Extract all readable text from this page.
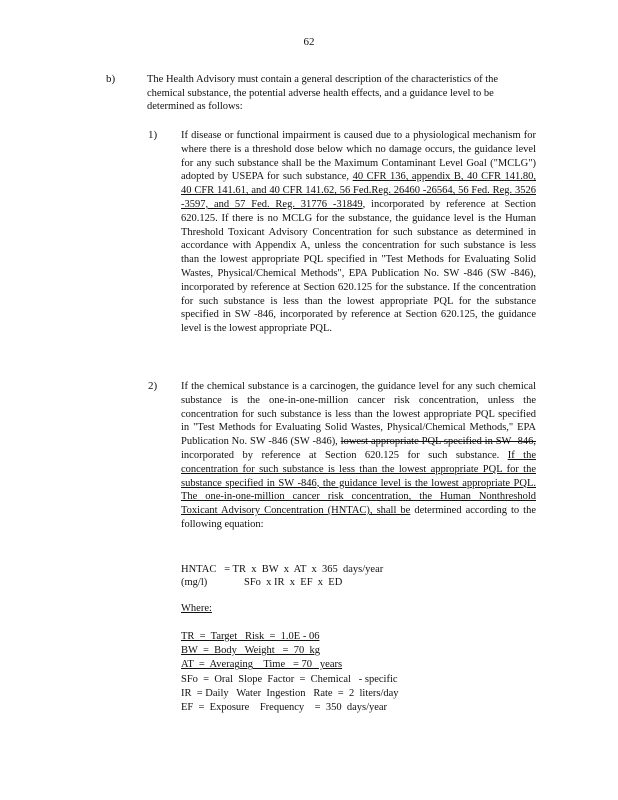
62
b)	The Health Advisory must contain a general description of the characteristics of the chemical substance, the potential adverse health effects, and a guidance level to be determined as follows:
1) If disease or functional impairment is caused due to a physiological mechanism for where there is a threshold dose below which no damage occurs, the guidance level for any such substance shall be the Maximum Contaminant Level Goal ("MCLG") adopted by USEPA for such substance, 40 CFR 136, appendix B, 40 CFR 141.80, 40 CFR 141.61, and 40 CFR 141.62, 56 Fed.Reg. 26460 -26564, 56 Fed. Reg. 3526 -3597, and 57 Fed. Reg. 31776 -31849, incorporated by reference at Section 620.125. If there is no MCLG for the substance, the guidance level is the Human Threshold Toxicant Advisory Concentration for such substance as determined in accordance with Appendix A, unless the concentration for such substance is less than the lowest appropriate PQL specified in "Test Methods for Evaluating Solid Wastes, Physical/Chemical Methods", EPA Publication No. SW -846 (SW -846), incorporated by reference at Section 620.125 for the substance. If the concentration for such substance is less than the lowest appropriate PQL for the substance specified in SW -846, incorporated by reference at Section 620.125, the guidance level is the lowest appropriate PQL.
2) If the chemical substance is a carcinogen, the guidance level for any such chemical substance is the one-in-one-million cancer risk concentration, unless the concentration for such substance is less than the lowest appropriate PQL specified in "Test Methods for Evaluating Solid Wastes, Physical/Chemical Methods," EPA Publication No. SW -846 (SW -846), lowest appropriate PQL specified in SW -846, incorporated by reference at Section 620.125 for such substance. If the concentration for such substance is less than the lowest appropriate PQL for the substance specified in SW -846, the guidance level is the lowest appropriate PQL. The one-in-one-million cancer risk concentration, the Human Nonthreshold Toxicant Advisory Concentration (HNTAC), shall be determined according to the following equation:
HNTAC   = TR  x  BW  x  AT  x  365  days/year
(mg/l)              SFo  x IR  x  EF  x  ED
Where:
TR  =  Target   Risk  =  1.0E - 06
BW  =  Body   Weight   =  70  kg
AT  =  Averaging    Time   = 70   years
SFo  =  Oral  Slope  Factor  =  Chemical   - specific
IR  = Daily   Water  Ingestion   Rate  =  2  liters/day
EF  =  Exposure    Frequency    =  350  days/year
